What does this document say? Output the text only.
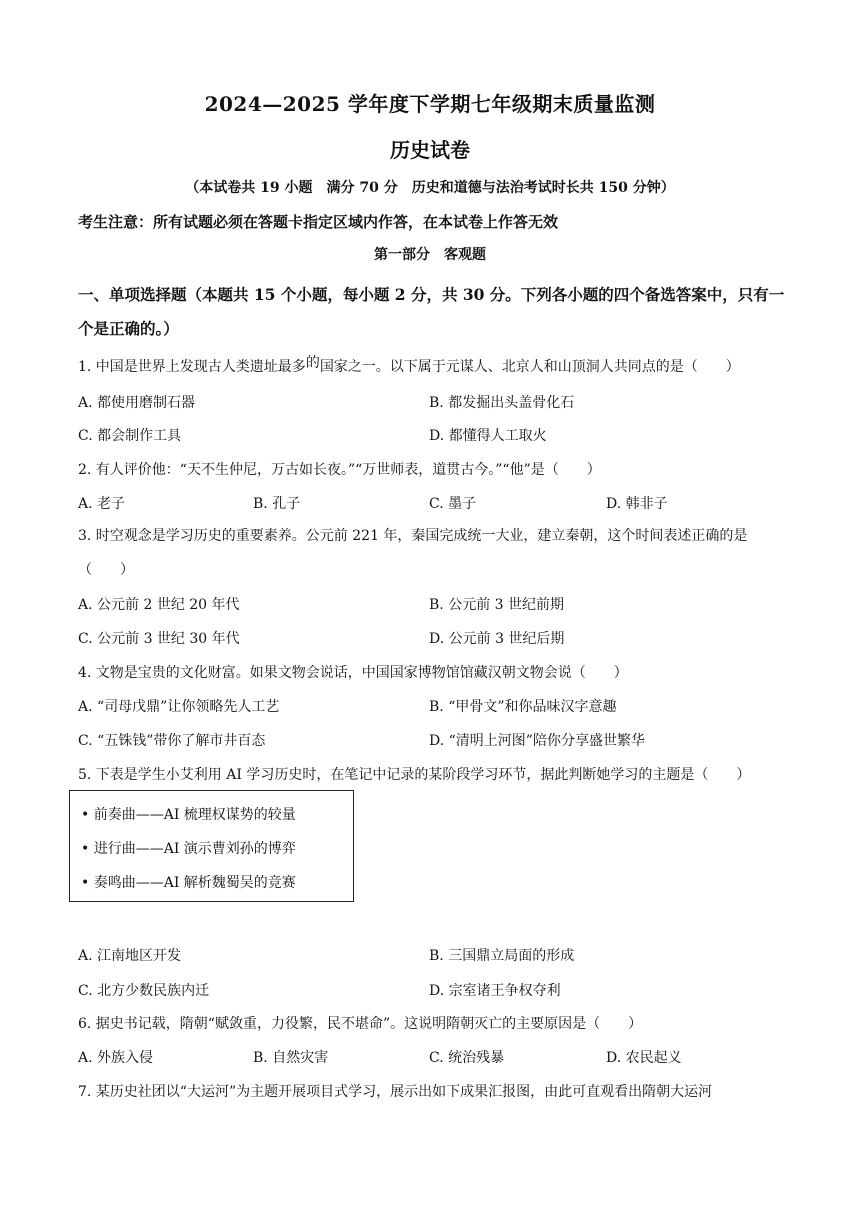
2024—2025 学年度下学期七年级期末质量监测
历史试卷
（本试卷共 19 小题　满分 70 分　历史和道德与法治考试时长共 150 分钟）
考生注意：所有试题必须在答题卡指定区域内作答，在本试卷上作答无效
第一部分　客观题
一、单项选择题（本题共 15 个小题，每小题 2 分，共 30 分。下列各小题的四个备选答案中，只有一个是正确的。）
1. 中国是世界上发现古人类遗址最多$^的$国家之一。以下属于元谋人、北京人和山顶洞人共同点的是（　　）
A. 都使用磨制石器	B. 都发掘出头盖骨化石
C. 都会制作工具	D. 都懂得人工取火
2. 有人评价他：“天不生仲尼，万古如长夜。”“万世师表，道贯古今。”“他”是（　　）
A. 老子	B. 孔子	C. 墨子	D. 韩非子
3. 时空观念是学习历史的重要素养。公元前 221 年，秦国完成统一大业，建立秦朝，这个时间表述正确的是（　　）
A. 公元前 2 世纪 20 年代	B. 公元前 3 世纪前期
C. 公元前 3 世纪 30 年代	D. 公元前 3 世纪后期
4. 文物是宝贵的文化财富。如果文物会说话，中国国家博物馆馆藏汉朝文物会说（　　）
A. “司母戊鼎”让你领略先人工艺	B. “甲骨文”和你品味汉字意趣
C. “五铢钱”带你了解市井百态	D. “清明上河图”陪你分享盛世繁华
5. 下表是学生小艾利用 AI 学习历史时，在笔记中记录的某阶段学习环节，据此判断她学习的主题是（　　）
• 前奏曲——AI 梳理权谋势的较量
• 进行曲——AI 演示曹刘孙的博弈
• 奏鸣曲——AI 解析魏蜀吴的竞赛
A. 江南地区开发	B. 三国鼎立局面的形成
C. 北方少数民族内迁	D. 宗室诸王争权夺利
6. 据史书记载，隋朝“赋敛重，力役繁，民不堪命”。这说明隋朝灭亡的主要原因是（　　）
A. 外族入侵	B. 自然灾害	C. 统治残暴	D. 农民起义
7. 某历史社团以“大运河”为主题开展项目式学习，展示出如下成果汇报图，由此可直观看出隋朝大运河
